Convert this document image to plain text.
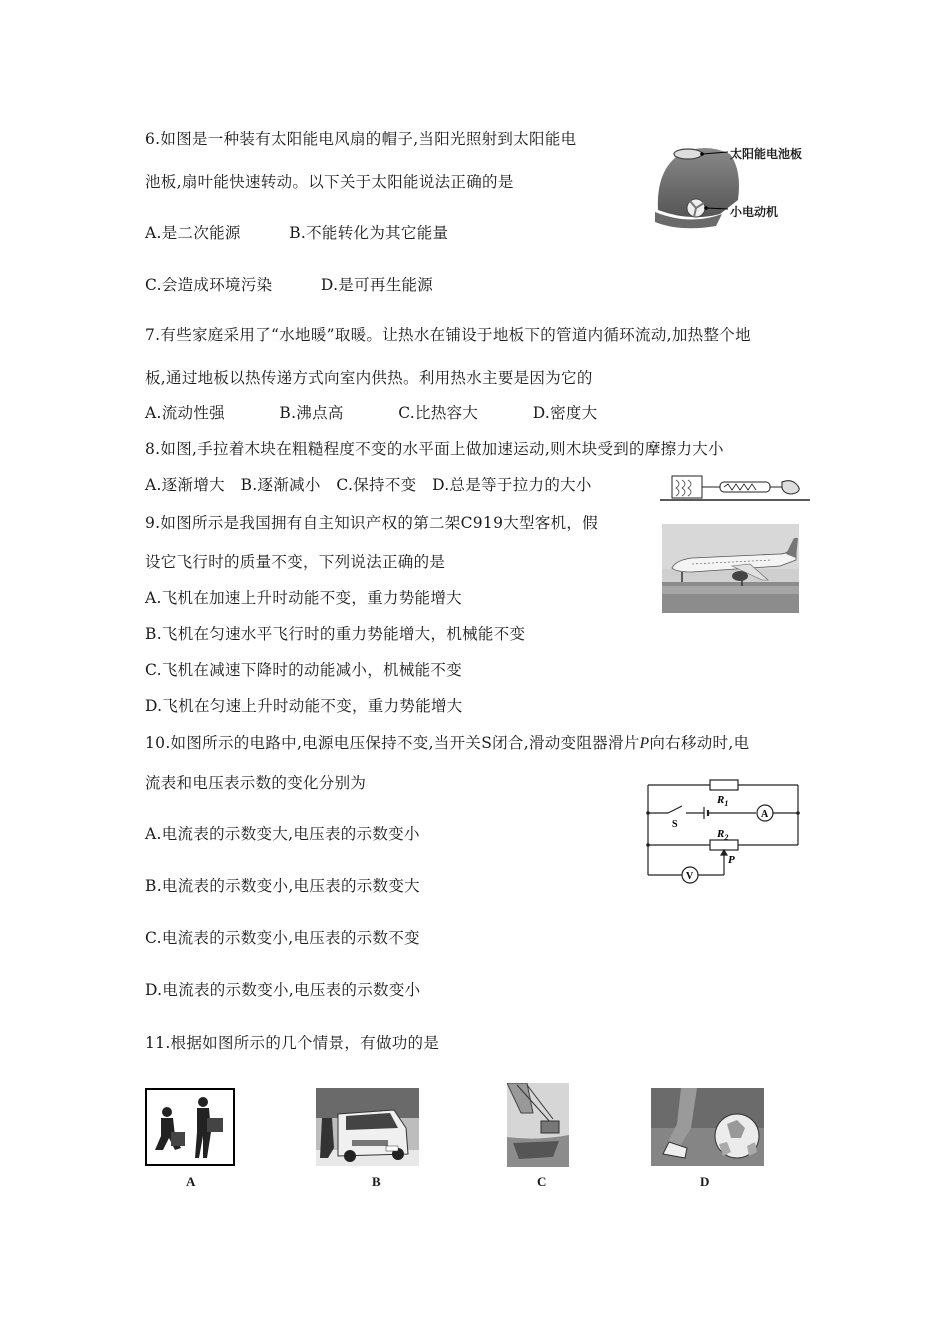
6.如图是一种装有太阳能电风扇的帽子,当阳光照射到太阳能电
池板,扇叶能快速转动。以下关于太阳能说法正确的是
A.是二次能源	B.不能转化为其它能量
C.会造成环境污染	D.是可再生能源
太阳能电池板
小电动机
7.有些家庭采用了“水地暖”取暖。让热水在铺设于地板下的管道内循环流动,加热整个地
板,通过地板以热传递方式向室内供热。利用热水主要是因为它的
A.流动性强	B.沸点高	C.比热容大	D.密度大
8.如图,手拉着木块在粗糙程度不变的水平面上做加速运动,则木块受到的摩擦力大小
A.逐渐增大   B.逐渐减小   C.保持不变   D.总是等于拉力的大小
9.如图所示是我国拥有自主知识产权的第二架C919大型客机，假
设它飞行时的质量不变，下列说法正确的是
A.飞机在加速上升时动能不变，重力势能增大
B.飞机在匀速水平飞行时的重力势能增大，机械能不变
C.飞机在减速下降时的动能减小，机械能不变
D.飞机在匀速上升时动能不变，重力势能增大
10.如图所示的电路中,电源电压保持不变,当开关S闭合,滑动变阻器滑片P向右移动时,电
流表和电压表示数的变化分别为
A.电流表的示数变大,电压表的示数变小
B.电流表的示数变小,电压表的示数变大
C.电流表的示数变小,电压表的示数不变
D.电流表的示数变小,电压表的示数变小
$R_1$
$R_2$
P
S
A
V
11.根据如图所示的几个情景，有做功的是
A	B	C	D
